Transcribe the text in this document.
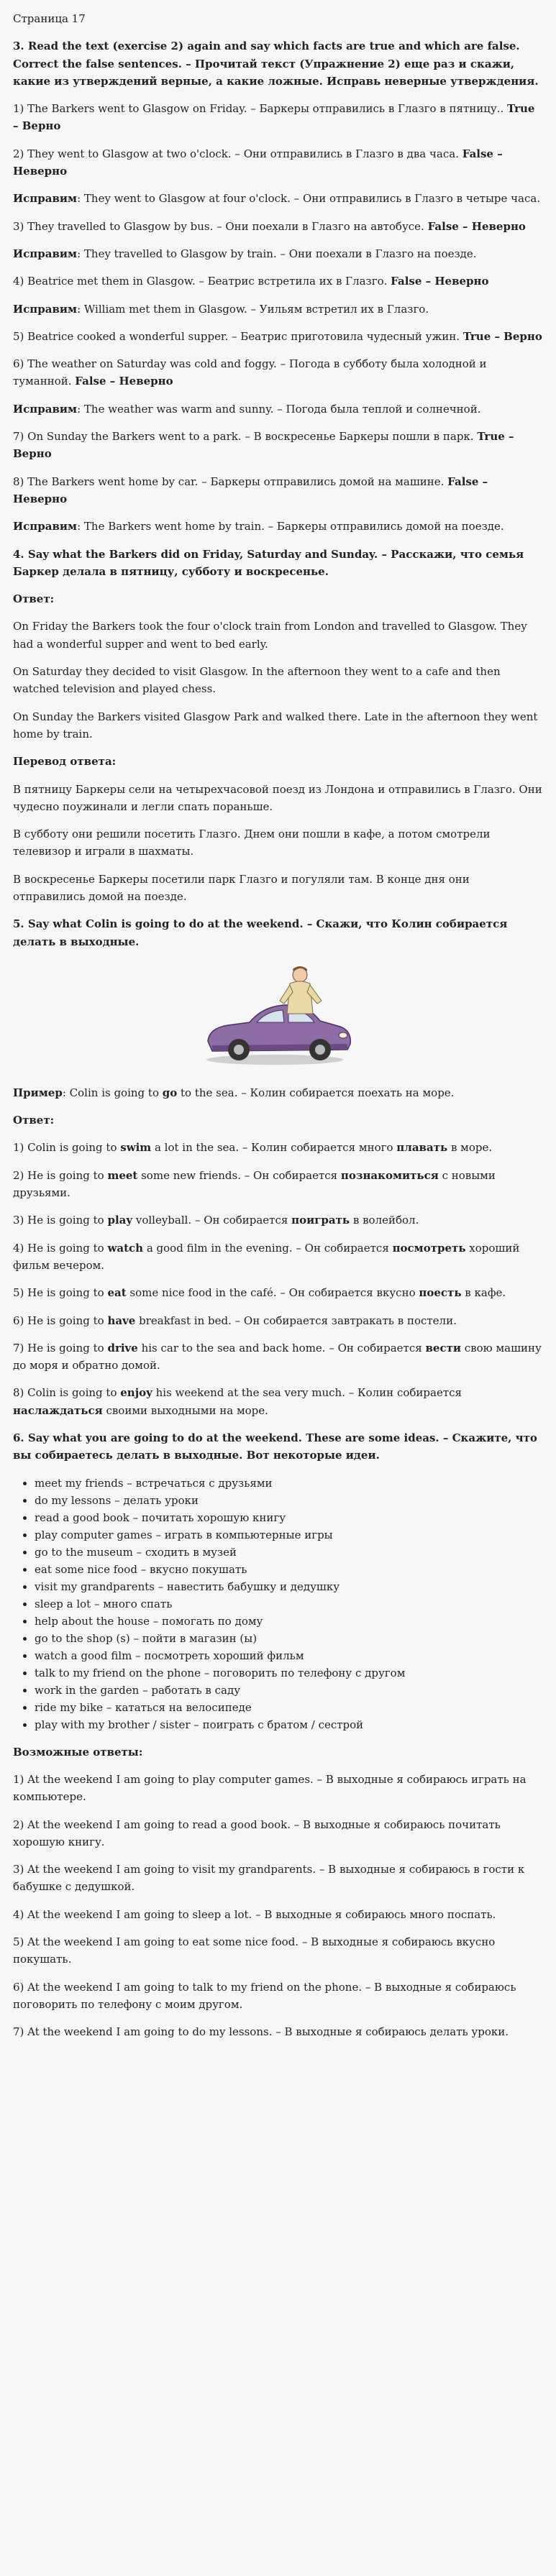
Страница 17

3. Read the text (exercise 2) again and say which facts are true and which are false. Correct the false sentences. – Прочитай текст (Упражнение 2) еще раз и скажи, какие из утверждений верные, а какие ложные. Исправь неверные утверждения.

1) The Barkers went to Glasgow on Friday. – Баркеры отправились в Глазго в пятницу.. True – Верно

2) They went to Glasgow at two o'clock. – Они отправились в Глазго в два часа. False – Неверно

Исправим: They went to Glasgow at four o'clock. – Они отправились в Глазго в четыре часа.

3) They travelled to Glasgow by bus. – Они поехали в Глазго на автобусе. False – Неверно

Исправим: They travelled to Glasgow by train. – Они поехали в Глазго на поезде.

4) Beatrice met them in Glasgow. – Беатрис встретила их в Глазго. False – Неверно

Исправим: William met them in Glasgow. – Уильям встретил их в Глазго.

5) Beatrice cooked a wonderful supper. – Беатрис приготовила чудесный ужин. True – Верно

6) The weather on Saturday was cold and foggy. – Погода в субботу была холодной и туманной. False – Неверно

Исправим: The weather was warm and sunny. – Погода была теплой и солнечной.

7) On Sunday the Barkers went to a park. – В воскресенье Баркеры пошли в парк. True – Верно

8) The Barkers went home by car. – Баркеры отправились домой на машине. False – Неверно

Исправим: The Barkers went home by train. – Баркеры отправились домой на поезде.

4. Say what the Barkers did on Friday, Saturday and Sunday. – Расскажи, что семья Баркер делала в пятницу, субботу и воскресенье.

Ответ:

On Friday the Barkers took the four o'clock train from London and travelled to Glasgow. They had a wonderful supper and went to bed early.

On Saturday they decided to visit Glasgow. In the afternoon they went to a cafe and then watched television and played chess.

On Sunday the Barkers visited Glasgow Park and walked there. Late in the afternoon they went home by train.

Перевод ответа:

В пятницу Баркеры сели на четырехчасовой поезд из Лондона и отправились в Глазго. Они чудесно поужинали и легли спать пораньше.

В субботу они решили посетить Глазго. Днем они пошли в кафе, а потом смотрели телевизор и играли в шахматы.

В воскресенье Баркеры посетили парк Глазго и погуляли там. В конце дня они отправились домой на поезде.

5. Say what Colin is going to do at the weekend. – Скажи, что Колин собирается делать в выходные.

Пример: Colin is going to go to the sea. – Колин собирается поехать на море.

Ответ:

1) Colin is going to swim a lot in the sea. – Колин собирается много плавать в море.

2) He is going to meet some new friends. – Он собирается познакомиться с новыми друзьями.

3) He is going to play volleyball. – Он собирается поиграть в волейбол.

4) He is going to watch a good film in the evening. – Он собирается посмотреть хороший фильм вечером.

5) He is going to eat some nice food in the café. – Он собирается вкусно поесть в кафе.

6) He is going to have breakfast in bed. – Он собирается завтракать в постели.

7) He is going to drive his car to the sea and back home. – Он собирается вести свою машину до моря и обратно домой.

8) Colin is going to enjoy his weekend at the sea very much. – Колин собирается наслаждаться своими выходными на море.

6. Say what you are going to do at the weekend. These are some ideas. – Скажите, что вы собираетесь делать в выходные. Вот некоторые идеи.

• meet my friends – встречаться с друзьями
• do my lessons – делать уроки
• read a good book – почитать хорошую книгу
• play computer games – играть в компьютерные игры
• go to the museum – сходить в музей
• eat some nice food – вкусно покушать
• visit my grandparents – навестить бабушку и дедушку
• sleep a lot – много спать
• help about the house – помогать по дому
• go to the shop (s) – пойти в магазин (ы)
• watch a good film – посмотреть хороший фильм
• talk to my friend on the phone – поговорить по телефону с другом
• work in the garden – работать в саду
• ride my bike – кататься на велосипеде
• play with my brother / sister – поиграть с братом / сестрой

Возможные ответы:

1) At the weekend I am going to play computer games. – В выходные я собираюсь играть на компьютере.

2) At the weekend I am going to read a good book. – В выходные я собираюсь почитать хорошую книгу.

3) At the weekend I am going to visit my grandparents. – В выходные я собираюсь в гости к бабушке с дедушкой.

4) At the weekend I am going to sleep a lot. – В выходные я собираюсь много поспать.

5) At the weekend I am going to eat some nice food. – В выходные я собираюсь вкусно покушать.

6) At the weekend I am going to talk to my friend on the phone. – В выходные я собираюсь поговорить по телефону с моим другом.

7) At the weekend I am going to do my lessons. – В выходные я собираюсь делать уроки.
